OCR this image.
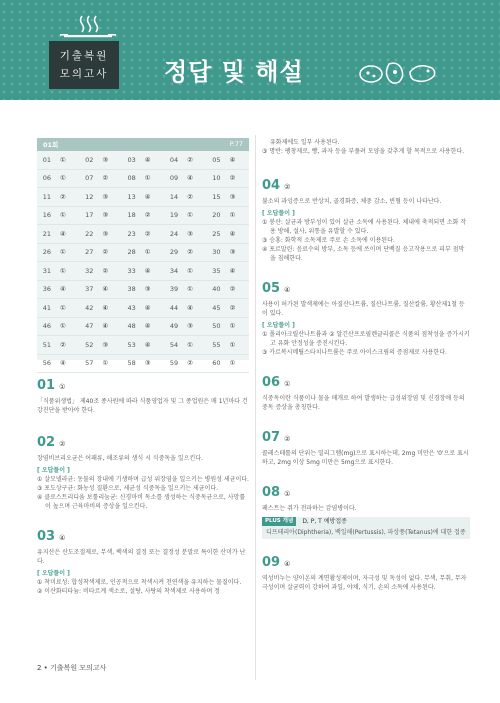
기출복원
모의고사	정답 및 해설
01회	P.77
01 ①	02 ③	03 ④	04 ②	05 ④
06 ①	07 ②	08 ①	09 ④	10 ②
11 ②	12 ③	13 ④	14 ②	15 ③
16 ①	17 ③	18 ②	19 ①	20 ①
21 ④	22 ③	23 ②	24 ③	25 ④
26 ①	27 ②	28 ①	29 ②	30 ③
31 ①	32 ②	33 ④	34 ①	35 ④
36 ④	37 ④	38 ③	39 ①	40 ②
41 ①	42 ④	43 ④	44 ④	45 ②
46 ①	47 ④	48 ④	49 ③	50 ①
51 ②	52 ③	53 ④	54 ①	55 ①
56 ④	57 ①	58 ③	59 ②	60 ①

01 ①

「식품위생법」 제40조 종사원에 따라 식품영업자 및 그 종업원은 매 1년마다 건강진단을 받아야 한다.

02 ②

장염비브리오균은 어패류, 해조류의 생식 시 식중독을 일으킨다.

[ 오답풀이 ]
① 살모넬라균: 동물의 장내에 기생하며 급성 위장염을 일으키는 병원성 세균이다.
③ 포도상구균: 화농성 질환으로, 세균성 식중독을 일으키는 세균이다.
④ 클로스트리디움 보툴리눔균: 신경마비 독소를 생성하는 식중독균으로, 사망률이 높으며 근육마비의 증상을 일으킨다.

03 ④

유지산은 산도조절제로, 무색, 백색의 결정 또는 결정성 분말로 특이한 산미가 난다.

[ 오답풀이 ]
① 착미료성: 합성착색제로, 인공적으로 착색시켜 천연색을 유지하는 물질이다.
② 이산화티타늄: 비타르계 색소로, 설탕, 사탕의 착색제로 사용하며 정
유화제에도 일부 사용된다.
③ 명반: 팽창제로, 빵, 과자 등을 부풀려 모양을 갖추게 할 목적으로 사용한다.

04 ②

불소의 과잉증으로 반상치, 골경화증, 체중 감소, 빈혈 등이 나타난다.

[ 오답풀이 ]
① 붕산: 살균과 방부성이 있어 살균 소독에 사용된다. 체내에 축적되면 소화 작용 방해, 설사, 위통을 유발할 수 있다.
③ 승홍: 화학적 소독제로 주로 손 소독에 이용된다.
④ 포르말린: 음료수의 방부, 소독 등에 쓰이며 단백질 응고작용으로 피부 점막을 침해한다.

05 ④

사용이 허가된 발색제에는 아질산나트륨, 질산나트륨, 질산칼륨, 황산제1철 등이 있다.

[ 오답풀이 ]
① 폴리아크릴산나트륨과 ② 알긴산프로필렌글리콜은 식품의 점착성을 증가시키고 유화 안정성을 증진시킨다.
③ 카르복시메틸스타치나트륨은 주로 아이스크림의 증점제로 사용한다.

06 ①

식중독이란 식품이나 물을 매개로 하여 발생하는 급성위장염 및 신경장애 등의 중독 증상을 총칭한다.

07 ②

콜레스테롤의 단위는 밀리그램(mg)으로 표시하는데, 2mg 미만은 '0'으로 표시하고, 2mg 이상 5mg 미만은 5mg으로 표시한다.

08 ①

페스트는 쥐가 전파하는 감염병이다.

PLUS 개념	D, P, T 예방접종
디프테리아(Diphtheria), 백일해(Pertussis), 파상풍(Tetanus)에 대한 접종

09 ④

역성비누는 양이온의 계면활성제이며, 자극성 및 독성이 없다. 무색, 무취, 무자극성이며 살균력이 강하여 과일, 야채, 식기, 손의 소독에 사용된다.

2 • 기출복원 모의고사
